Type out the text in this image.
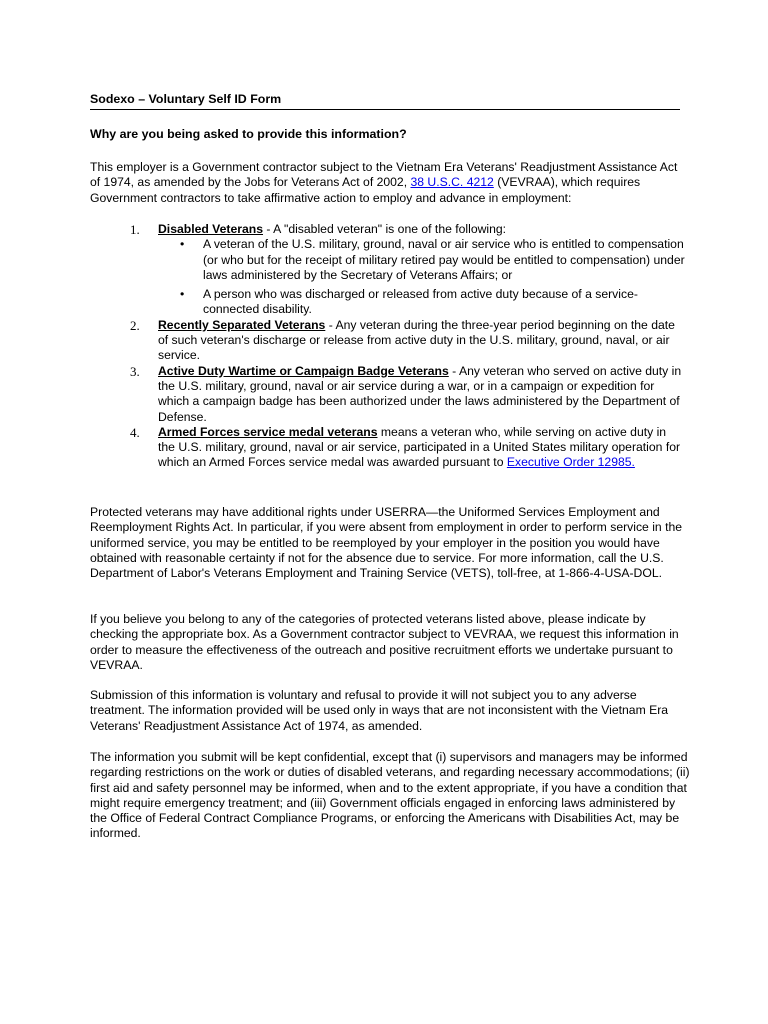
Sodexo – Voluntary Self ID Form
Why are you being asked to provide this information?
This employer is a Government contractor subject to the Vietnam Era Veterans' Readjustment Assistance Act of 1974, as amended by the Jobs for Veterans Act of 2002, 38 U.S.C. 4212 (VEVRAA), which requires Government contractors to take affirmative action to employ and advance in employment:
1. Disabled Veterans - A "disabled veteran" is one of the following:
• A veteran of the U.S. military, ground, naval or air service who is entitled to compensation (or who but for the receipt of military retired pay would be entitled to compensation) under laws administered by the Secretary of Veterans Affairs; or
• A person who was discharged or released from active duty because of a service-connected disability.
2. Recently Separated Veterans - Any veteran during the three-year period beginning on the date of such veteran's discharge or release from active duty in the U.S. military, ground, naval, or air service.
3. Active Duty Wartime or Campaign Badge Veterans - Any veteran who served on active duty in the U.S. military, ground, naval or air service during a war, or in a campaign or expedition for which a campaign badge has been authorized under the laws administered by the Department of Defense.
4. Armed Forces service medal veterans means a veteran who, while serving on active duty in the U.S. military, ground, naval or air service, participated in a United States military operation for which an Armed Forces service medal was awarded pursuant to Executive Order 12985.
Protected veterans may have additional rights under USERRA—the Uniformed Services Employment and Reemployment Rights Act. In particular, if you were absent from employment in order to perform service in the uniformed service, you may be entitled to be reemployed by your employer in the position you would have obtained with reasonable certainty if not for the absence due to service. For more information, call the U.S. Department of Labor's Veterans Employment and Training Service (VETS), toll-free, at 1-866-4-USA-DOL.
If you believe you belong to any of the categories of protected veterans listed above, please indicate by checking the appropriate box. As a Government contractor subject to VEVRAA, we request this information in order to measure the effectiveness of the outreach and positive recruitment efforts we undertake pursuant to VEVRAA.
Submission of this information is voluntary and refusal to provide it will not subject you to any adverse treatment. The information provided will be used only in ways that are not inconsistent with the Vietnam Era Veterans' Readjustment Assistance Act of 1974, as amended.
The information you submit will be kept confidential, except that (i) supervisors and managers may be informed regarding restrictions on the work or duties of disabled veterans, and regarding necessary accommodations; (ii) first aid and safety personnel may be informed, when and to the extent appropriate, if you have a condition that might require emergency treatment; and (iii) Government officials engaged in enforcing laws administered by the Office of Federal Contract Compliance Programs, or enforcing the Americans with Disabilities Act, may be informed.
